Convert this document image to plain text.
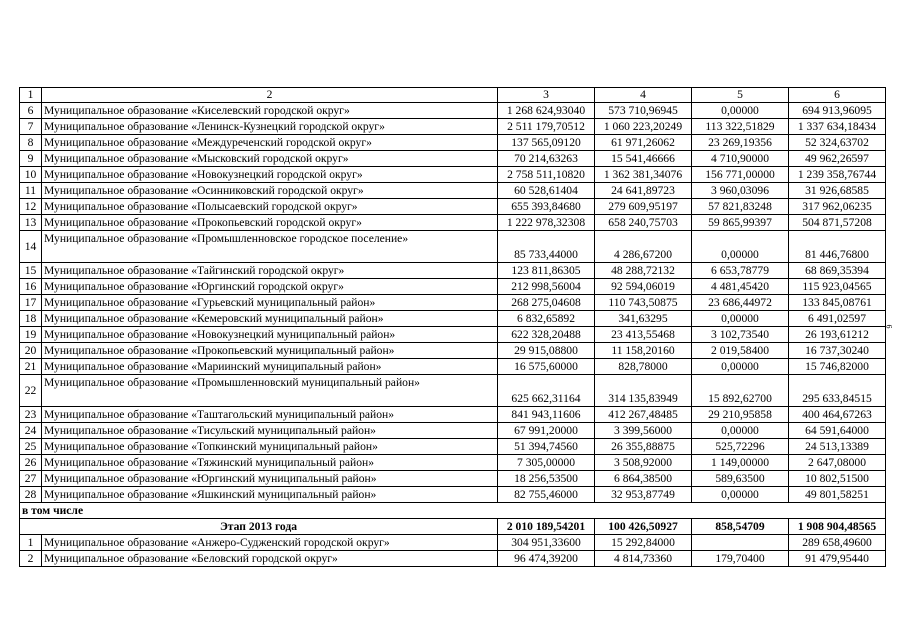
1	2	3	4	5	6
6	Муниципальное образование «Киселевский городской округ»	1 268 624,93040	573 710,96945	0,00000	694 913,96095
7	Муниципальное образование «Ленинск-Кузнецкий городской округ»	2 511 179,70512	1 060 223,20249	113 322,51829	1 337 634,18434
8	Муниципальное образование «Междуреченский городской округ»	137 565,09120	61 971,26062	23 269,19356	52 324,63702
9	Муниципальное образование «Мысковский городской округ»	70 214,63263	15 541,46666	4 710,90000	49 962,26597
10	Муниципальное образование «Новокузнецкий городской округ»	2 758 511,10820	1 362 381,34076	156 771,00000	1 239 358,76744
11	Муниципальное образование «Осинниковский городской округ»	60 528,61404	24 641,89723	3 960,03096	31 926,68585
12	Муниципальное образование «Полысаевский городской округ»	655 393,84680	279 609,95197	57 821,83248	317 962,06235
13	Муниципальное образование «Прокопьевский городской округ»	1 222 978,32308	658 240,75703	59 865,99397	504 871,57208
14	Муниципальное образование «Промышленновское городское поселение»	85 733,44000	4 286,67200	0,00000	81 446,76800
15	Муниципальное образование «Тайгинский городской округ»	123 811,86305	48 288,72132	6 653,78779	68 869,35394
16	Муниципальное образование «Юргинский городской округ»	212 998,56004	92 594,06019	4 481,45420	115 923,04565
17	Муниципальное образование «Гурьевский муниципальный район»	268 275,04608	110 743,50875	23 686,44972	133 845,08761
18	Муниципальное образование «Кемеровский муниципальный район»	6 832,65892	341,63295	0,00000	6 491,02597
19	Муниципальное образование «Новокузнецкий муниципальный район»	622 328,20488	23 413,55468	3 102,73540	26 193,61212
20	Муниципальное образование «Прокопьевский муниципальный район»	29 915,08800	11 158,20160	2 019,58400	16 737,30240
21	Муниципальное образование «Мариинский муниципальный район»	16 575,60000	828,78000	0,00000	15 746,82000
22	Муниципальное образование «Промышленновский муниципальный район»	625 662,31164	314 135,83949	15 892,62700	295 633,84515
23	Муниципальное образование «Таштагольский муниципальный район»	841 943,11606	412 267,48485	29 210,95858	400 464,67263
24	Муниципальное образование «Тисульский муниципальный район»	67 991,20000	3 399,56000	0,00000	64 591,64000
25	Муниципальное образование «Топкинский муниципальный район»	51 394,74560	26 355,88875	525,72296	24 513,13389
26	Муниципальное образование «Тяжинский муниципальный район»	7 305,00000	3 508,92000	1 149,00000	2 647,08000
27	Муниципальное образование «Юргинский муниципальный район»	18 256,53500	6 864,38500	589,63500	10 802,51500
28	Муниципальное образование «Яшкинский муниципальный район»	82 755,46000	32 953,87749	0,00000	49 801,58251
в том числе					
Этап 2013 года		2 010 189,54201	100 426,50927	858,54709	1 908 904,48565
1	Муниципальное образование «Анжеро-Судженский городской округ»	304 951,33600	15 292,84000		289 658,49600
2	Муниципальное образование «Беловский городской округ»	96 474,39200	4 814,73360	179,70400	91 479,95440
6
